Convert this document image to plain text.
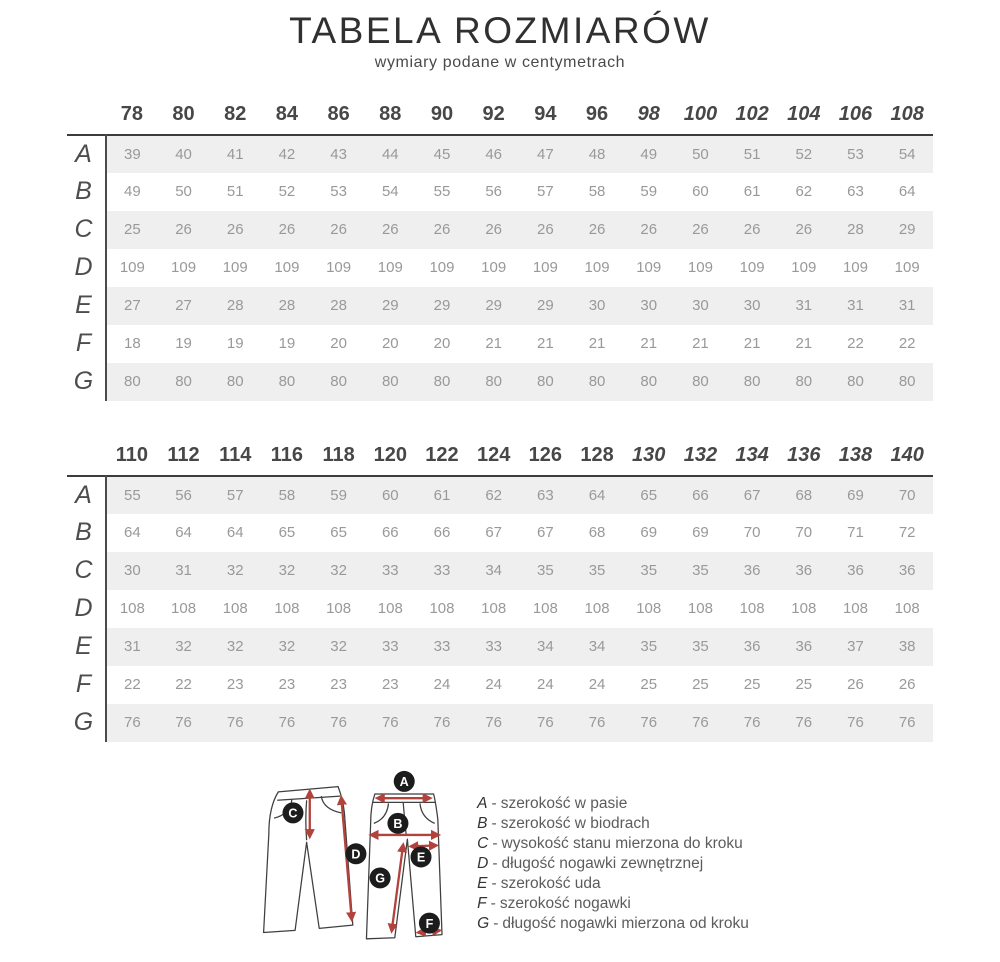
TABELA ROZMIARÓW
wymiary podane w centymetrach
	78	80	82	84	86	88	90	92	94	96	98	100	102	104	106	108
A	39	40	41	42	43	44	45	46	47	48	49	50	51	52	53	54
B	49	50	51	52	53	54	55	56	57	58	59	60	61	62	63	64
C	25	26	26	26	26	26	26	26	26	26	26	26	26	26	28	29
D	109	109	109	109	109	109	109	109	109	109	109	109	109	109	109	109
E	27	27	28	28	28	29	29	29	29	30	30	30	30	31	31	31
F	18	19	19	19	20	20	20	21	21	21	21	21	21	21	22	22
G	80	80	80	80	80	80	80	80	80	80	80	80	80	80	80	80
	110	112	114	116	118	120	122	124	126	128	130	132	134	136	138	140
A	55	56	57	58	59	60	61	62	63	64	65	66	67	68	69	70
B	64	64	64	65	65	66	66	67	67	68	69	69	70	70	71	72
C	30	31	32	32	32	33	33	34	35	35	35	35	36	36	36	36
D	108	108	108	108	108	108	108	108	108	108	108	108	108	108	108	108
E	31	32	32	32	32	33	33	33	34	34	35	35	36	36	37	38
F	22	22	23	23	23	23	24	24	24	24	25	25	25	25	26	26
G	76	76	76	76	76	76	76	76	76	76	76	76	76	76	76	76
C
D
A
B
E
G
F
A - szerokość w pasie
B - szerokość w biodrach
C - wysokość stanu mierzona do kroku
D - długość nogawki zewnętrznej
E - szerokość uda
F - szerokość nogawki
G - długość nogawki mierzona od kroku
